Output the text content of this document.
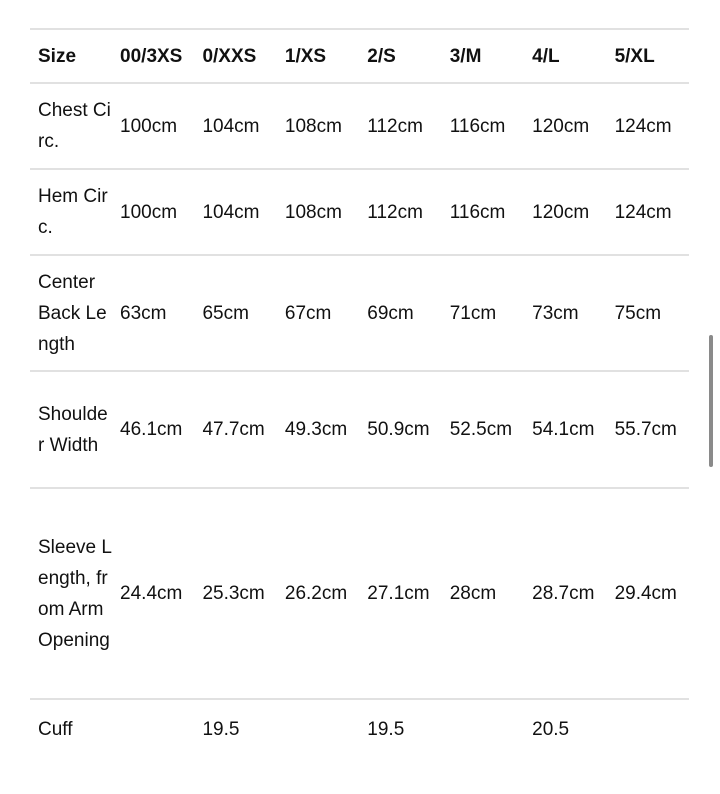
Size	00/3XS	0/XXS	1/XS	2/S	3/M	4/L	5/XL
Chest Circ.	100cm	104cm	108cm	112cm	116cm	120cm	124cm
Hem Circ.	100cm	104cm	108cm	112cm	116cm	120cm	124cm
Center Back Length	63cm	65cm	67cm	69cm	71cm	73cm	75cm
Shoulder Width	46.1cm	47.7cm	49.3cm	50.9cm	52.5cm	54.1cm	55.7cm
Sleeve Length, from Arm Opening	24.4cm	25.3cm	26.2cm	27.1cm	28cm	28.7cm	29.4cm
Cuff		19.5		19.5		20.5	
